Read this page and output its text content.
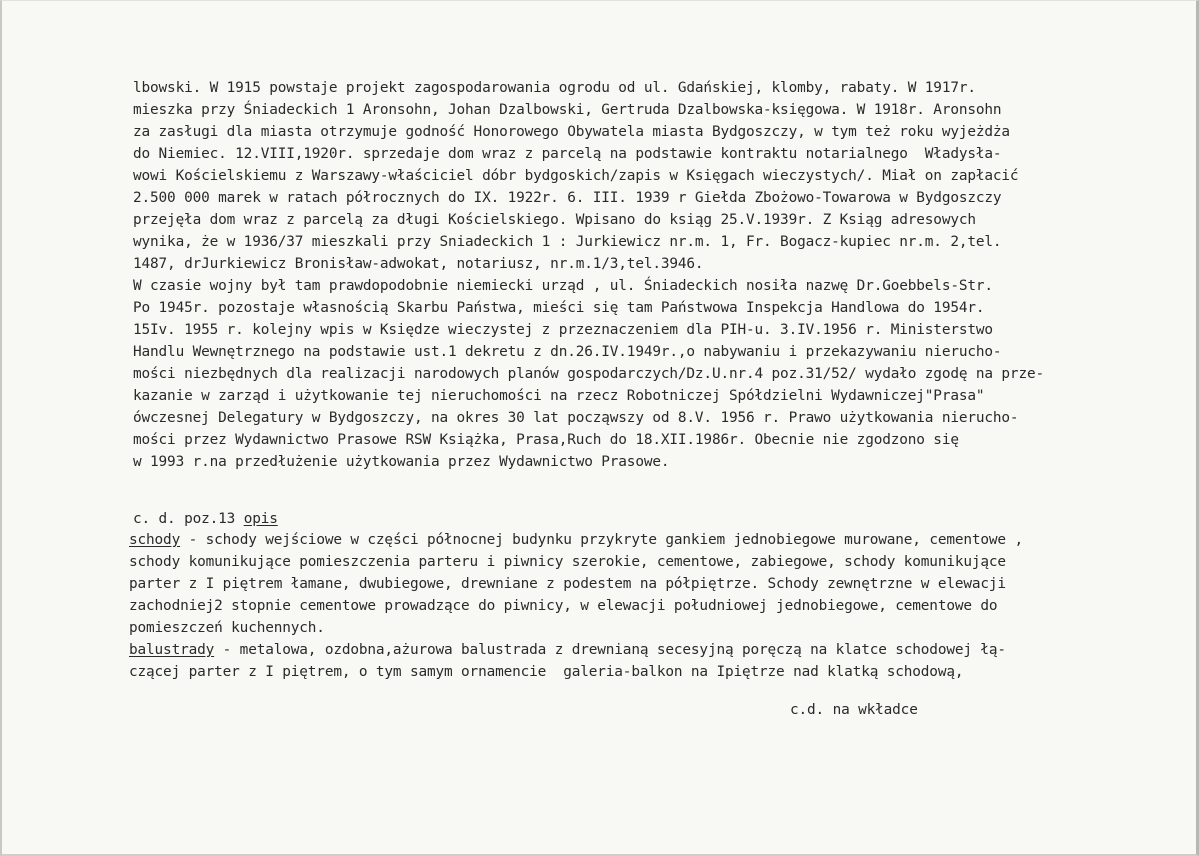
lbowski. W 1915 powstaje projekt zagospodarowania ogrodu od ul. Gdańskiej, klomby, rabaty. W 1917r.
mieszka przy Śniadeckich 1 Aronsohn, Johan Dzalbowski, Gertruda Dzalbowska-księgowa. W 1918r. Aronsohn
za zasługi dla miasta otrzymuje godność Honorowego Obywatela miasta Bydgoszczy, w tym też roku wyjeżdża
do Niemiec. 12.VIII,1920r. sprzedaje dom wraz z parcelą na podstawie kontraktu notarialnego  Władysła-
wowi Kościelskiemu z Warszawy-właściciel dóbr bydgoskich/zapis w Księgach wieczystych/. Miał on zapłacić
2.500 000 marek w ratach półrocznych do IX. 1922r. 6. III. 1939 r Giełda Zbożowo-Towarowa w Bydgoszczy
przejęła dom wraz z parcelą za długi Kościelskiego. Wpisano do ksiąg 25.V.1939r. Z Ksiąg adresowych
wynika, że w 1936/37 mieszkali przy Sniadeckich 1 : Jurkiewicz nr.m. 1, Fr. Bogacz-kupiec nr.m. 2,tel.
1487, drJurkiewicz Bronisław-adwokat, notariusz, nr.m.1/3,tel.3946.
W czasie wojny był tam prawdopodobnie niemiecki urząd , ul. Śniadeckich nosiła nazwę Dr.Goebbels-Str.
Po 1945r. pozostaje własnością Skarbu Państwa, mieści się tam Państwowa Inspekcja Handlowa do 1954r.
15Iv. 1955 r. kolejny wpis w Księdze wieczystej z przeznaczeniem dla PIH-u. 3.IV.1956 r. Ministerstwo
Handlu Wewnętrznego na podstawie ust.1 dekretu z dn.26.IV.1949r.,o nabywaniu i przekazywaniu nierucho-
mości niezbędnych dla realizacji narodowych planów gospodarczych/Dz.U.nr.4 poz.31/52/ wydało zgodę na prze-
kazanie w zarząd i użytkowanie tej nieruchomości na rzecz Robotniczej Spółdzielni Wydawniczej"Prasa"
ówczesnej Delegatury w Bydgoszczy, na okres 30 lat począwszy od 8.V. 1956 r. Prawo użytkowania nierucho-
mości przez Wydawnictwo Prasowe RSW Książka, Prasa,Ruch do 18.XII.1986r. Obecnie nie zgodzono się
w 1993 r.na przedłużenie użytkowania przez Wydawnictwo Prasowe.
c. d. poz.13 opis
schody - schody wejściowe w części północnej budynku przykryte gankiem jednobiegowe murowane, cementowe ,
schody komunikujące pomieszczenia parteru i piwnicy szerokie, cementowe, zabiegowe, schody komunikujące
parter z I piętrem łamane, dwubiegowe, drewniane z podestem na półpiętrze. Schody zewnętrzne w elewacji
zachodniej2 stopnie cementowe prowadzące do piwnicy, w elewacji południowej jednobiegowe, cementowe do
pomieszczeń kuchennych.
balustrady - metalowa, ozdobna,ażurowa balustrada z drewnianą secesyjną poręczą na klatce schodowej łą-
czącej parter z I piętrem, o tym samym ornamencie  galeria-balkon na Ipiętrze nad klatką schodową,
c.d. na wkładce
